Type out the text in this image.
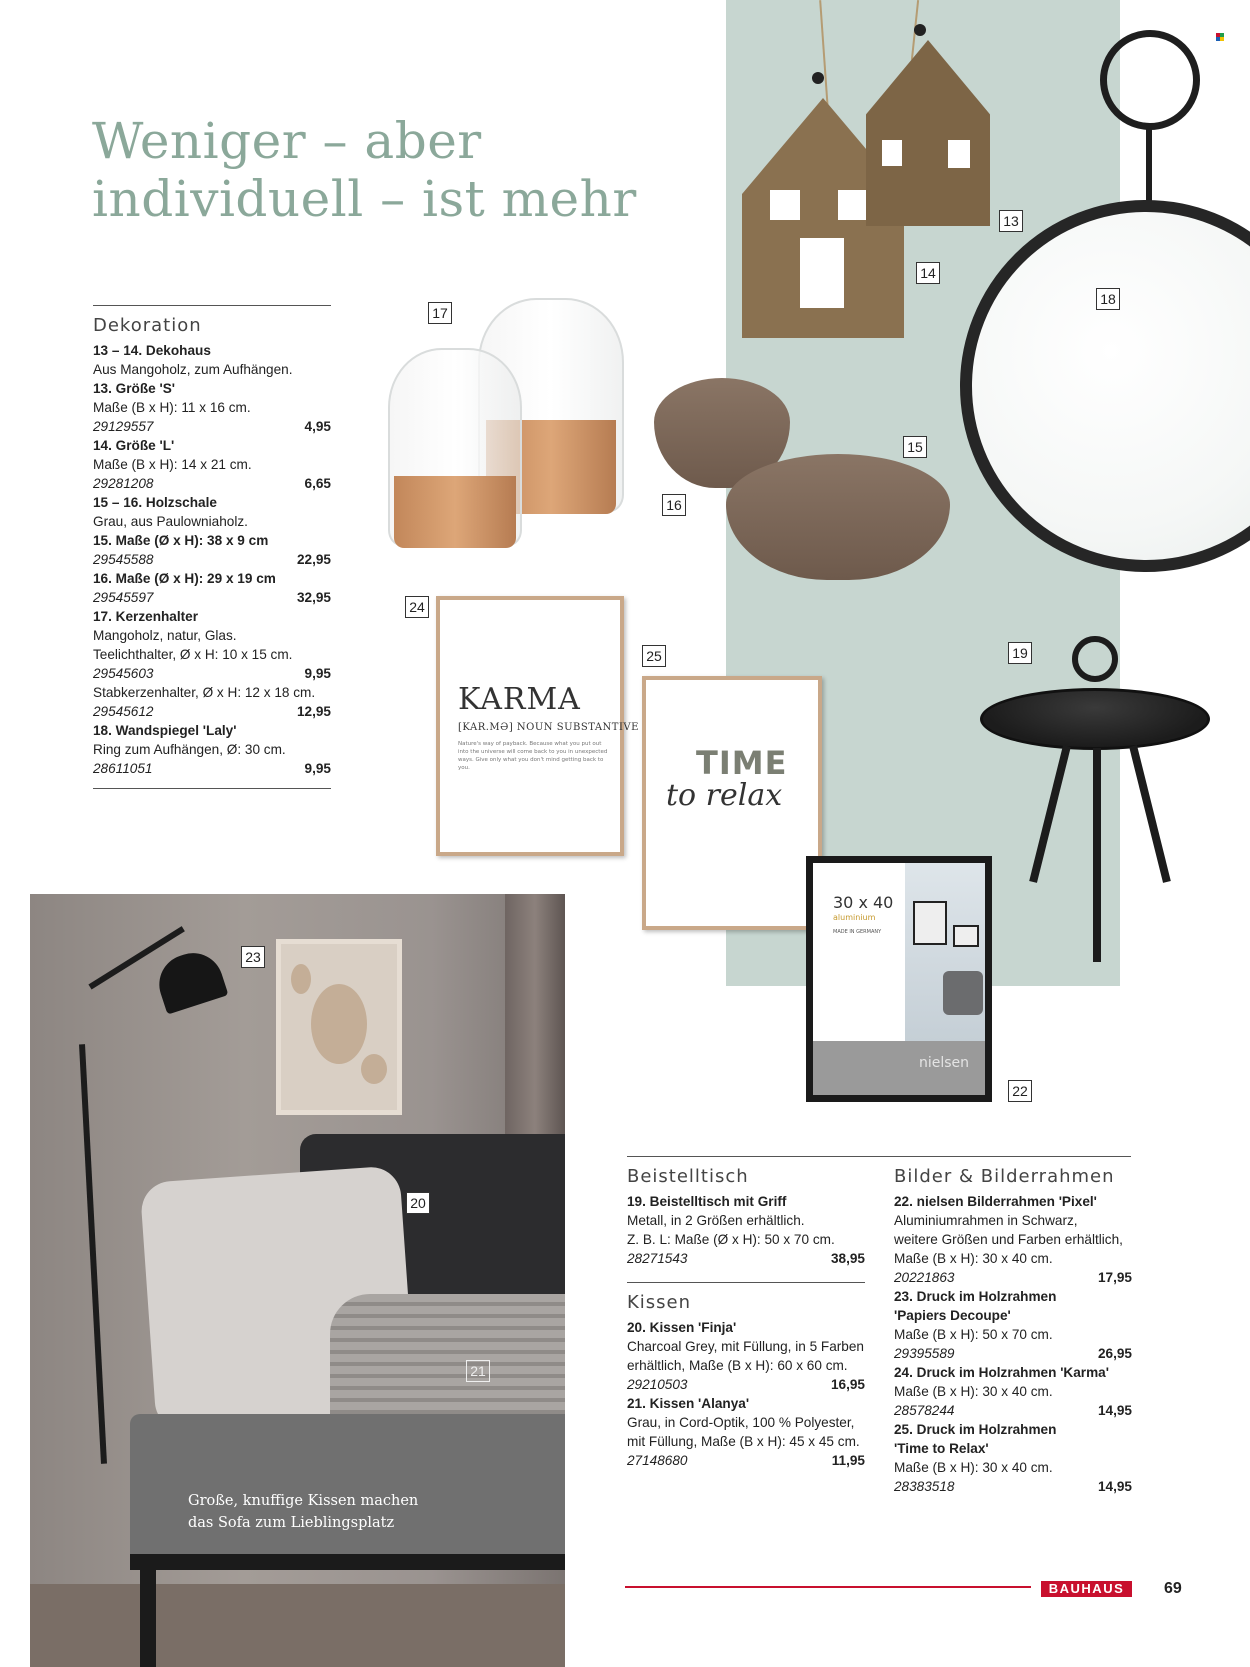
Weniger – aber
individuell – ist mehr
KARMA
[KAR.MƏ] NOUN SUBSTANTIVE
Nature's way of payback. Because what you put out into the universe will come back to you in unexpected ways. Give only what you don't mind getting back to you.	TIME
to relax
30 x 40
aluminium
MADE IN GERMANY
nielsen
Große, knuffige Kissen machen
das Sofa zum Lieblingsplatz
13
14
15
16
17
18
19
20
21
22
23
24
25
Dekoration
13 – 14. Dekohaus
Aus Mangoholz, zum Aufhängen.
13. Größe 'S'
Maße (B x H): 11 x 16 cm.
29129557	4,95
14. Größe 'L'
Maße (B x H): 14 x 21 cm.
29281208	6,65
15 – 16. Holzschale
Grau, aus Paulowniaholz.
15. Maße (Ø x H): 38 x 9 cm
29545588	22,95
16. Maße (Ø x H): 29 x 19 cm
29545597	32,95
17. Kerzenhalter
Mangoholz, natur, Glas.
Teelichthalter, Ø x H: 10 x 15 cm.
29545603	9,95
Stabkerzenhalter, Ø x H: 12 x 18 cm.
29545612	12,95
18. Wandspiegel 'Laly'
Ring zum Aufhängen, Ø: 30 cm.
28611051	9,95
Beistelltisch
19. Beistelltisch mit Griff
Metall, in 2 Größen erhältlich.
Z. B. L: Maße (Ø x H): 50 x 70 cm.
28271543	38,95
Kissen
20. Kissen 'Finja'
Charcoal Grey, mit Füllung, in 5 Farben
erhältlich, Maße (B x H): 60 x 60 cm.
29210503	16,95
21. Kissen 'Alanya'
Grau, in Cord-Optik, 100 % Polyester,
mit Füllung, Maße (B x H): 45 x 45 cm.
27148680	11,95
Bilder & Bilderrahmen
22. nielsen Bilderrahmen 'Pixel'
Aluminiumrahmen in Schwarz,
weitere Größen und Farben erhältlich,
Maße (B x H): 30 x 40 cm.
20221863	17,95
23. Druck im Holzrahmen
'Papiers Decoupe'
Maße (B x H): 50 x 70 cm.
29395589	26,95
24. Druck im Holzrahmen 'Karma'
Maße (B x H): 30 x 40 cm.
28578244	14,95
25. Druck im Holzrahmen
'Time to Relax'
Maße (B x H): 30 x 40 cm.
28383518	14,95
BAUHAUS	69
